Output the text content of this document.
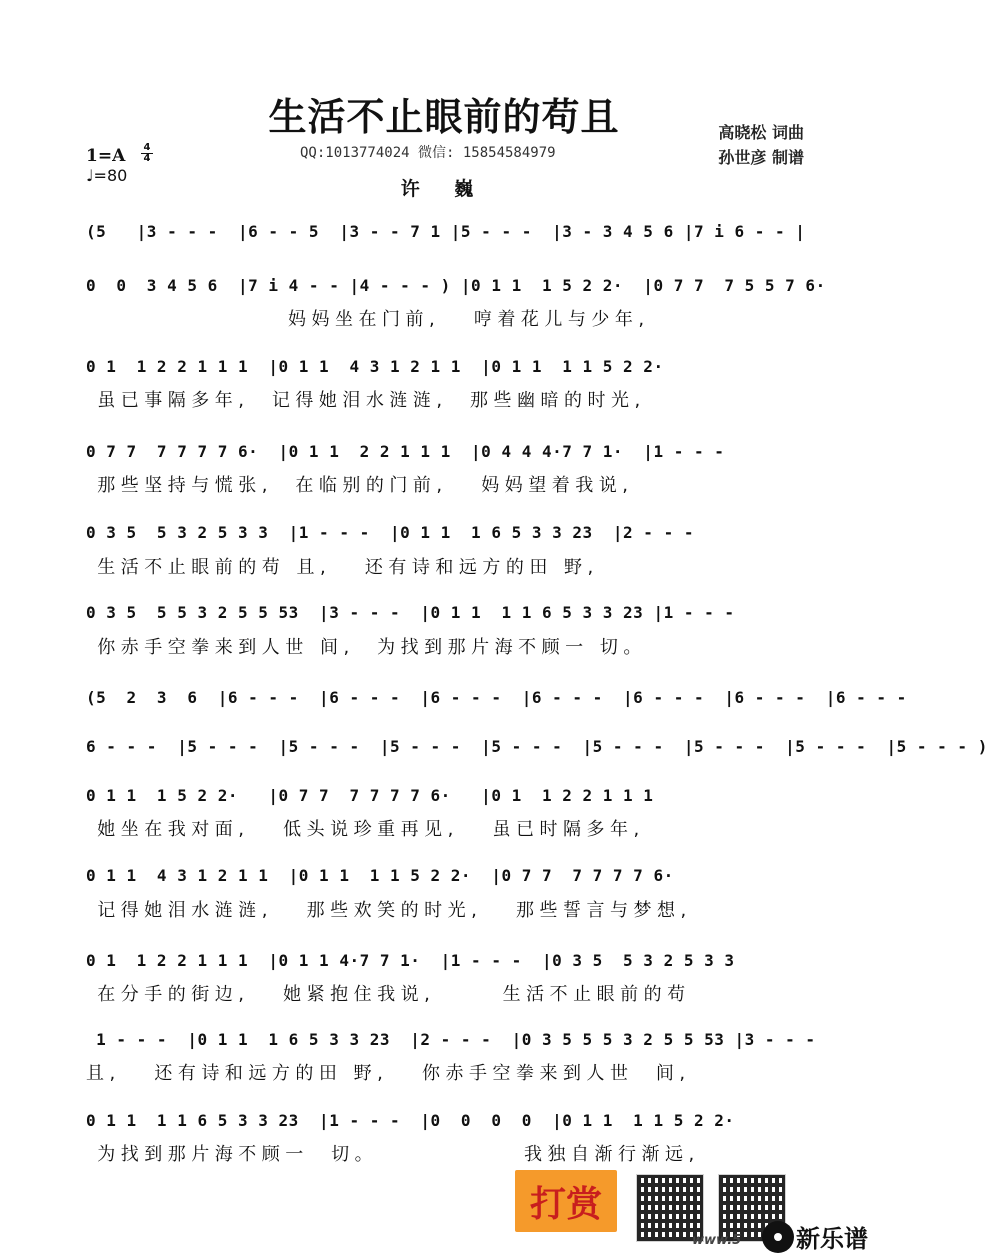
生活不止眼前的苟且
QQ:1013774024 微信: 15854584979
高晓松 词曲
孙世彦 制谱
许 巍
1=A 4
4
♩=80
(5   |3 - - -  |6 - - 5  |3 - - 7 1 |5 - - -  |3 - 3 4 5 6 |7 i 6 - - |
0  0  3 4 5 6  |7 i 4 - - |4 - - - ) |0 1 1  1 5 2 2·  |0 7 7  7 5 5 7 6·
妈妈坐在门前,   哼着花儿与少年,
0 1  1 2 2 1 1 1  |0 1 1  4 3 1 2 1 1  |0 1 1  1 1 5 2 2·
虽已事隔多年,  记得她泪水涟涟,  那些幽暗的时光,
0 7 7  7 7 7 7 6·  |0 1 1  2 2 1 1 1  |0 4 4 4·7 7 1·  |1 - - -
那些坚持与慌张,  在临别的门前,   妈妈望着我说,
0 3 5  5 3 2 5 3 3  |1 - - -  |0 1 1  1 6 5 3 3 23  |2 - - -
生活不止眼前的苟 且,   还有诗和远方的田 野,
0 3 5  5 5 3 2 5 5 53  |3 - - -  |0 1 1  1 1 6 5 3 3 23 |1 - - -
你赤手空拳来到人世 间,  为找到那片海不顾一 切。
(5  2  3  6  |6 - - -  |6 - - -  |6 - - -  |6 - - -  |6 - - -  |6 - - -  |6 - - -
6 - - -  |5 - - -  |5 - - -  |5 - - -  |5 - - -  |5 - - -  |5 - - -  |5 - - -  |5 - - - )
0 1 1  1 5 2 2·   |0 7 7  7 7 7 7 6·   |0 1  1 2 2 1 1 1
她坐在我对面,   低头说珍重再见,   虽已时隔多年,
0 1 1  4 3 1 2 1 1  |0 1 1  1 1 5 2 2·  |0 7 7  7 7 7 7 6·
记得她泪水涟涟,   那些欢笑的时光,   那些誓言与梦想,
0 1  1 2 2 1 1 1  |0 1 1 4·7 7 1·  |1 - - -  |0 3 5  5 3 2 5 3 3
在分手的街边,   她紧抱住我说,      生活不止眼前的苟
1 - - -  |0 1 1  1 6 5 3 3 23  |2 - - -  |0 3 5 5 5 3 2 5 5 53 |3 - - -
且,   还有诗和远方的田 野,   你赤手空拳来到人世  间,
0 1 1  1 1 6 5 3 3 23  |1 - - -  |0  0  0  0  |0 1 1  1 1 5 2 2·
为找到那片海不顾一  切。             我独自渐行渐远,
打赏
www.5 新乐谱
